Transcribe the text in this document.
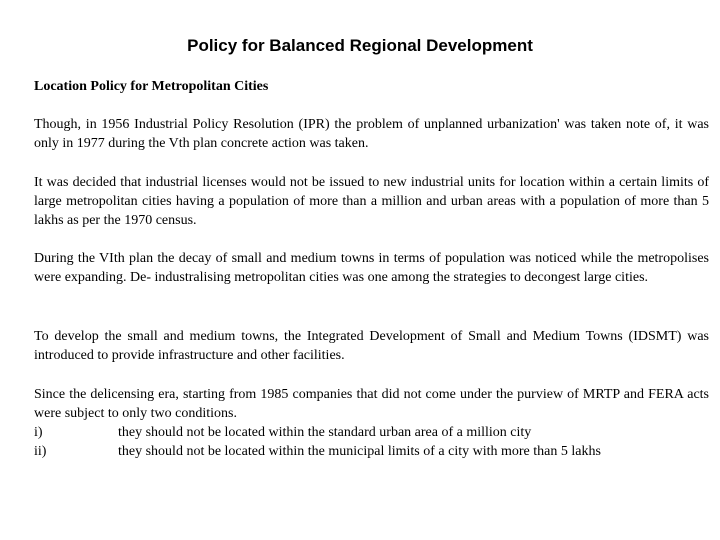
Policy for Balanced Regional Development
Location Policy for Metropolitan Cities

Though, in 1956 Industrial Policy Resolution (IPR) the problem of unplanned urbanization' was taken note of, it was only in 1977 during the Vth plan concrete action was taken.

It was decided that industrial licenses would not be issued to new industrial units for location within a certain limits of large metropolitan cities having a population of more than a million and urban areas with a population of more than 5 lakhs as per the 1970 census.

During the VIth plan the decay of small and medium towns in terms of population was noticed while the metropolises were expanding. De- industralising metropolitan cities was one among the strategies to decongest large cities.

To develop the small and medium towns, the Integrated Development of Small and Medium Towns (IDSMT) was introduced to provide infrastructure and other facilities.

Since the delicensing era, starting from 1985 companies that did not come under the purview of MRTP and FERA acts were subject to only two conditions.
i)	they should not be located within the standard urban area of a million city
ii)	they should not be located within the municipal limits of a city with more than 5 lakhs
